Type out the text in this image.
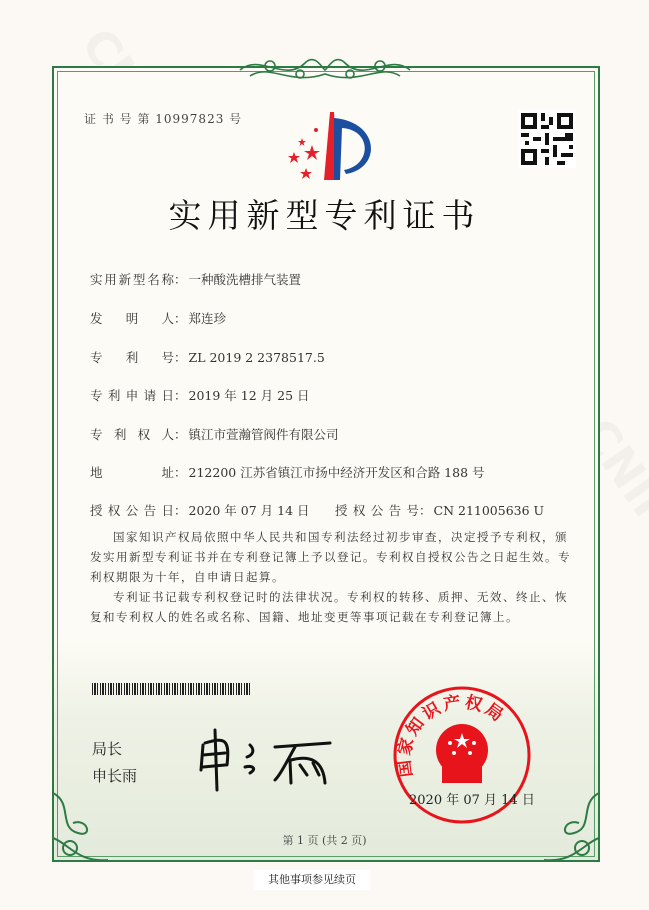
证 书 号 第 10997823 号
实用新型专利证书
实用新型名称： 一种酸洗槽排气装置
发明人： 郑连珍
专利号： ZL 2019 2 2378517.5
专利申请日： 2019 年 12 月 25 日
专利权人： 镇江市萱瀚管阀件有限公司
地址： 212200 江苏省镇江市扬中经济开发区和合路 188 号
授权公告日： 2020 年 07 月 14 日 授权公告号： CN 211005636 U

国家知识产权局依照中华人民共和国专利法经过初步审查，决定授予专利权，颁发实用新型专利证书并在专利登记簿上予以登记。专利权自授权公告之日起生效。专利权期限为十年，自申请日起算。

专利证书记载专利权登记时的法律状况。专利权的转移、质押、无效、终止、恢复和专利权人的姓名或名称、国籍、地址变更等事项记载在专利登记簿上。

局长
申长雨	国家知识产权局
2020 年 07 月 14 日
第 1 页 (共 2 页)
其他事项参见续页
